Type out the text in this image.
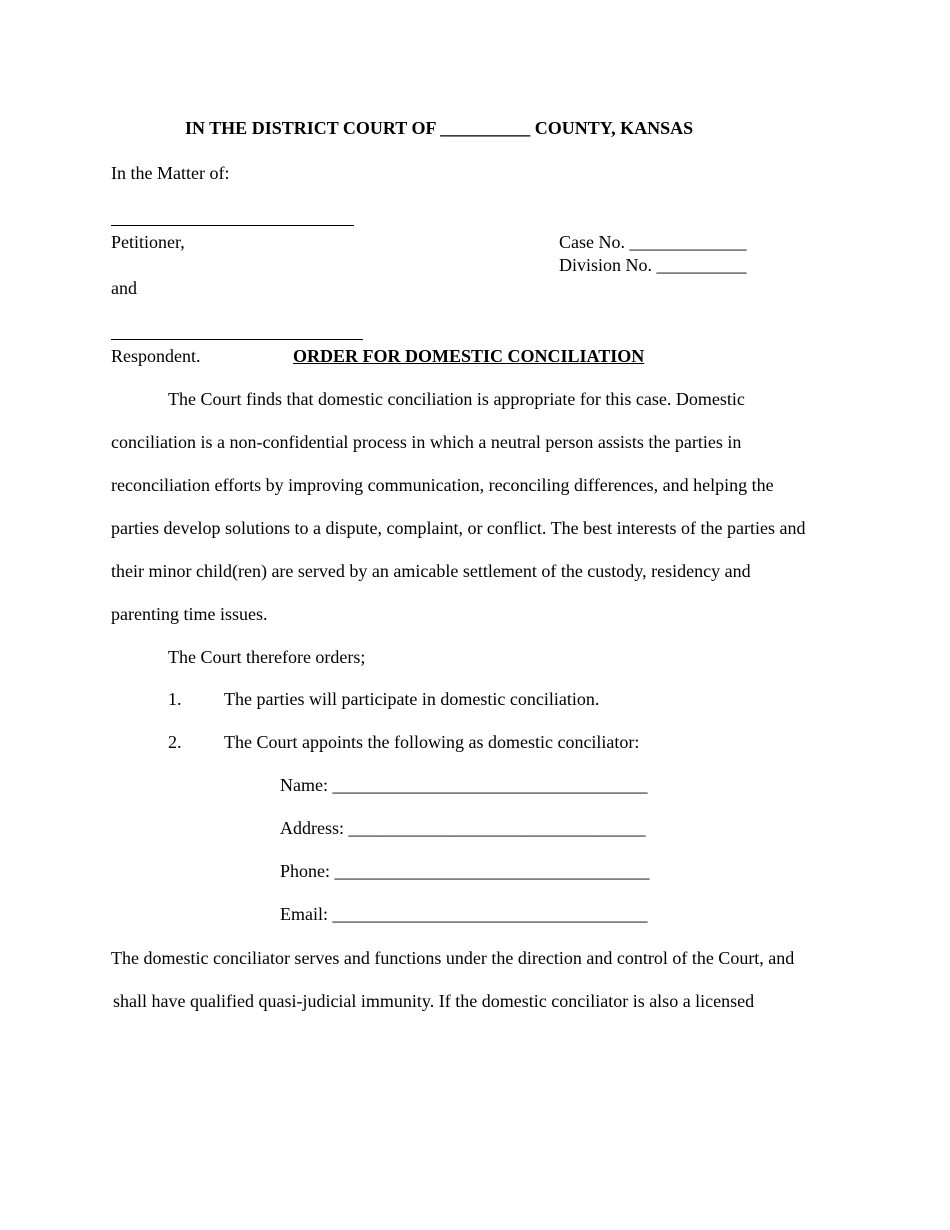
IN THE DISTRICT COURT OF __________ COUNTY, KANSAS
In the Matter of:
Petitioner,
and
Respondent.
Case No. _____________
Division No. __________
ORDER FOR DOMESTIC CONCILIATION
The Court finds that domestic conciliation is appropriate for this case. Domestic
conciliation is a non-confidential process in which a neutral person assists the parties in
reconciliation efforts by improving communication, reconciling differences, and helping the
parties develop solutions to a dispute, complaint, or conflict. The best interests of the parties and
their minor child(ren) are served by an amicable settlement of the custody, residency and
parenting time issues.
The Court therefore orders;
1. The parties will participate in domestic conciliation.
2. The Court appoints the following as domestic conciliator:
Name: ___________________________________
Address: _________________________________
Phone: ___________________________________
Email: ___________________________________
The domestic conciliator serves and functions under the direction and control of the Court, and
shall have qualified quasi-judicial immunity. If the domestic conciliator is also a licensed
